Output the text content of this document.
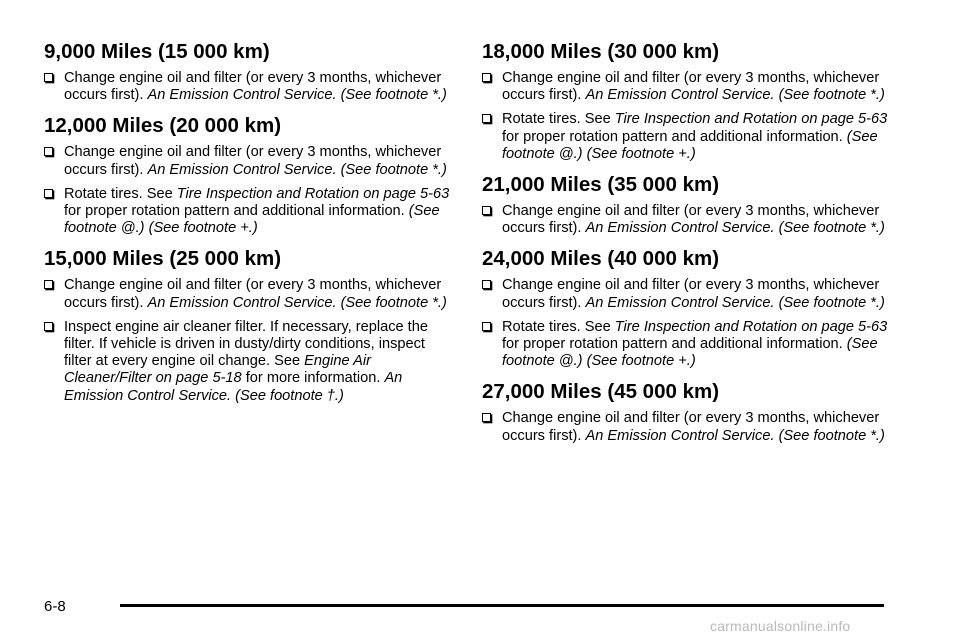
9,000 Miles (15 000 km)
Change engine oil and filter (or every 3 months, whichever occurs first). An Emission Control Service. (See footnote *.)
12,000 Miles (20 000 km)
Change engine oil and filter (or every 3 months, whichever occurs first). An Emission Control Service. (See footnote *.)
Rotate tires. See Tire Inspection and Rotation on page 5-63 for proper rotation pattern and additional information. (See footnote @.) (See footnote +.)
15,000 Miles (25 000 km)
Change engine oil and filter (or every 3 months, whichever occurs first). An Emission Control Service. (See footnote *.)
Inspect engine air cleaner filter. If necessary, replace the filter. If vehicle is driven in dusty/dirty conditions, inspect filter at every engine oil change. See Engine Air Cleaner/Filter on page 5-18 for more information. An Emission Control Service. (See footnote †.)
18,000 Miles (30 000 km)
Change engine oil and filter (or every 3 months, whichever occurs first). An Emission Control Service. (See footnote *.)
Rotate tires. See Tire Inspection and Rotation on page 5-63 for proper rotation pattern and additional information. (See footnote @.) (See footnote +.)
21,000 Miles (35 000 km)
Change engine oil and filter (or every 3 months, whichever occurs first). An Emission Control Service. (See footnote *.)
24,000 Miles (40 000 km)
Change engine oil and filter (or every 3 months, whichever occurs first). An Emission Control Service. (See footnote *.)
Rotate tires. See Tire Inspection and Rotation on page 5-63 for proper rotation pattern and additional information. (See footnote @.) (See footnote +.)
27,000 Miles (45 000 km)
Change engine oil and filter (or every 3 months, whichever occurs first). An Emission Control Service. (See footnote *.)
6-8
carmanualsonline.info
